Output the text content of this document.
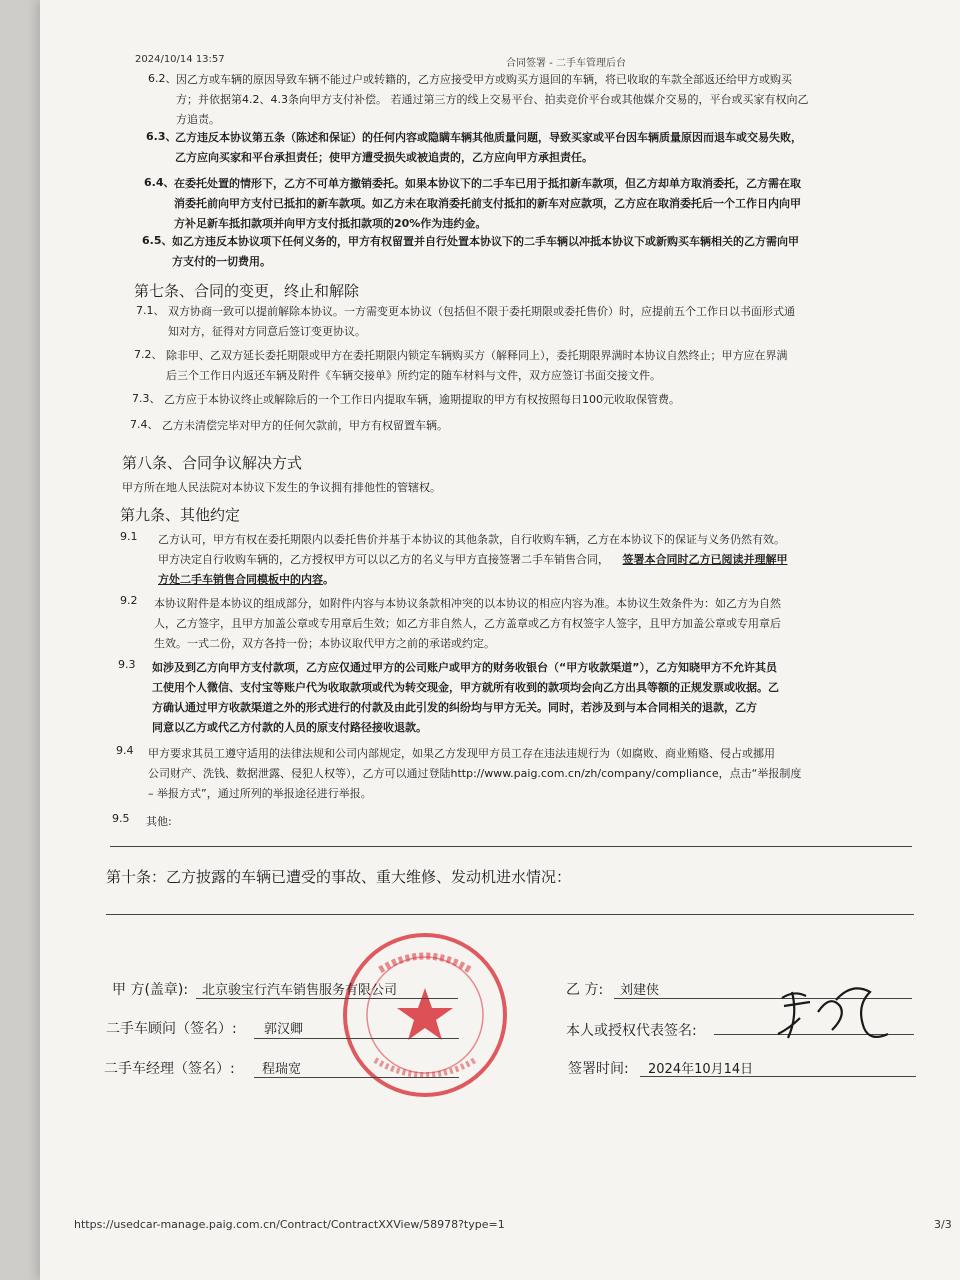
2024/10/14 13:57	合同签署 - 二手车管理后台
6.2、 因乙方或车辆的原因导致车辆不能过户或转籍的，乙方应接受甲方或购买方退回的车辆，将已收取的车款全部返还给甲方或购买
方；并依据第4.2、4.3条向甲方支付补偿。 若通过第三方的线上交易平台、拍卖竞价平台或其他媒介交易的，平台或买家有权向乙
方追责。
6.3、
乙方违反本协议第五条（陈述和保证）的任何内容或隐瞒车辆其他质量问题，导致买家或平台因车辆质量原因而退车或交易失败，
乙方应向买家和平台承担责任；使甲方遭受损失或被追责的，乙方应向甲方承担责任。
6.4、 在委托处置的情形下，乙方不可单方撤销委托。如果本协议下的二手车已用于抵扣新车款项，但乙方却单方取消委托，乙方需在取
消委托前向甲方支付已抵扣的新车款项。如乙方未在取消委托前支付抵扣的新车对应款项，乙方应在取消委托后一个工作日内向甲
方补足新车抵扣款项并向甲方支付抵扣款项的20%作为违约金。
6.5、 如乙方违反本协议项下任何义务的，甲方有权留置并自行处置本协议下的二手车辆以冲抵本协议下或新购买车辆相关的乙方需向甲
方支付的一切费用。
第七条、合同的变更，终止和解除
7.1、 双方协商一致可以提前解除本协议。一方需变更本协议（包括但不限于委托期限或委托售价）时，应提前五个工作日以书面形式通
知对方，征得对方同意后签订变更协议。
7.2、 除非甲、乙双方延长委托期限或甲方在委托期限内锁定车辆购买方（解释同上），委托期限界满时本协议自然终止；甲方应在界满
后三个工作日内返还车辆及附件《车辆交接单》所约定的随车材料与文件，双方应签订书面交接文件。
7.3、 乙方应于本协议终止或解除后的一个工作日内提取车辆，逾期提取的甲方有权按照每日100元收取保管费。
7.4、 乙方未清偿完毕对甲方的任何欠款前，甲方有权留置车辆。
第八条、合同争议解决方式
甲方所在地人民法院对本协议下发生的争议拥有排他性的管辖权。
第九条、其他约定
9.1 乙方认可，甲方有权在委托期限内以委托售价并基于本协议的其他条款，自行收购车辆，乙方在本协议下的保证与义务仍然有效。
甲方决定自行收购车辆的，乙方授权甲方可以以乙方的名义与甲方直接签署二手车销售合同， 签署本合同时乙方已阅读并理解甲
方处二手车销售合同模板中的内容。
9.2 本协议附件是本协议的组成部分，如附件内容与本协议条款相冲突的以本协议的相应内容为准。本协议生效条件为：如乙方为自然
人，乙方签字，且甲方加盖公章或专用章后生效；如乙方非自然人，乙方盖章或乙方有权签字人签字，且甲方加盖公章或专用章后
生效。一式二份，双方各持一份；本协议取代甲方之前的承诺或约定。
9.3 如涉及到乙方向甲方支付款项，乙方应仅通过甲方的公司账户或甲方的财务收银台（“甲方收款渠道”），乙方知晓甲方不允许其员
工使用个人微信、支付宝等账户代为收取款项或代为转交现金，甲方就所有收到的款项均会向乙方出具等额的正规发票或收据。乙
方确认通过甲方收款渠道之外的形式进行的付款及由此引发的纠纷均与甲方无关。同时，若涉及到与本合同相关的退款，乙方
同意以乙方或代乙方付款的人员的原支付路径接收退款。
9.4 甲方要求其员工遵守适用的法律法规和公司内部规定，如果乙方发现甲方员工存在违法违规行为（如腐败、商业贿赂、侵占或挪用
公司财产、洗钱、数据泄露、侵犯人权等），乙方可以通过登陆http://www.paig.com.cn/zh/company/compliance，点击“举报制度
– 举报方式”，通过所列的举报途径进行举报。
9.5 其他:
第十条：乙方披露的车辆已遭受的事故、重大维修、发动机进水情况：
甲 方(盖章): 北京骏宝行汽车销售服务有限公司
二手车顾问（签名）: 郭汉卿
二手车经理（签名）: 程瑞宽
乙 方: 刘建侠
本人或授权代表签名:
签署时间: 2024年10月14日
https://usedcar-manage.paig.com.cn/Contract/ContractXXView/58978?type=1	3/3
